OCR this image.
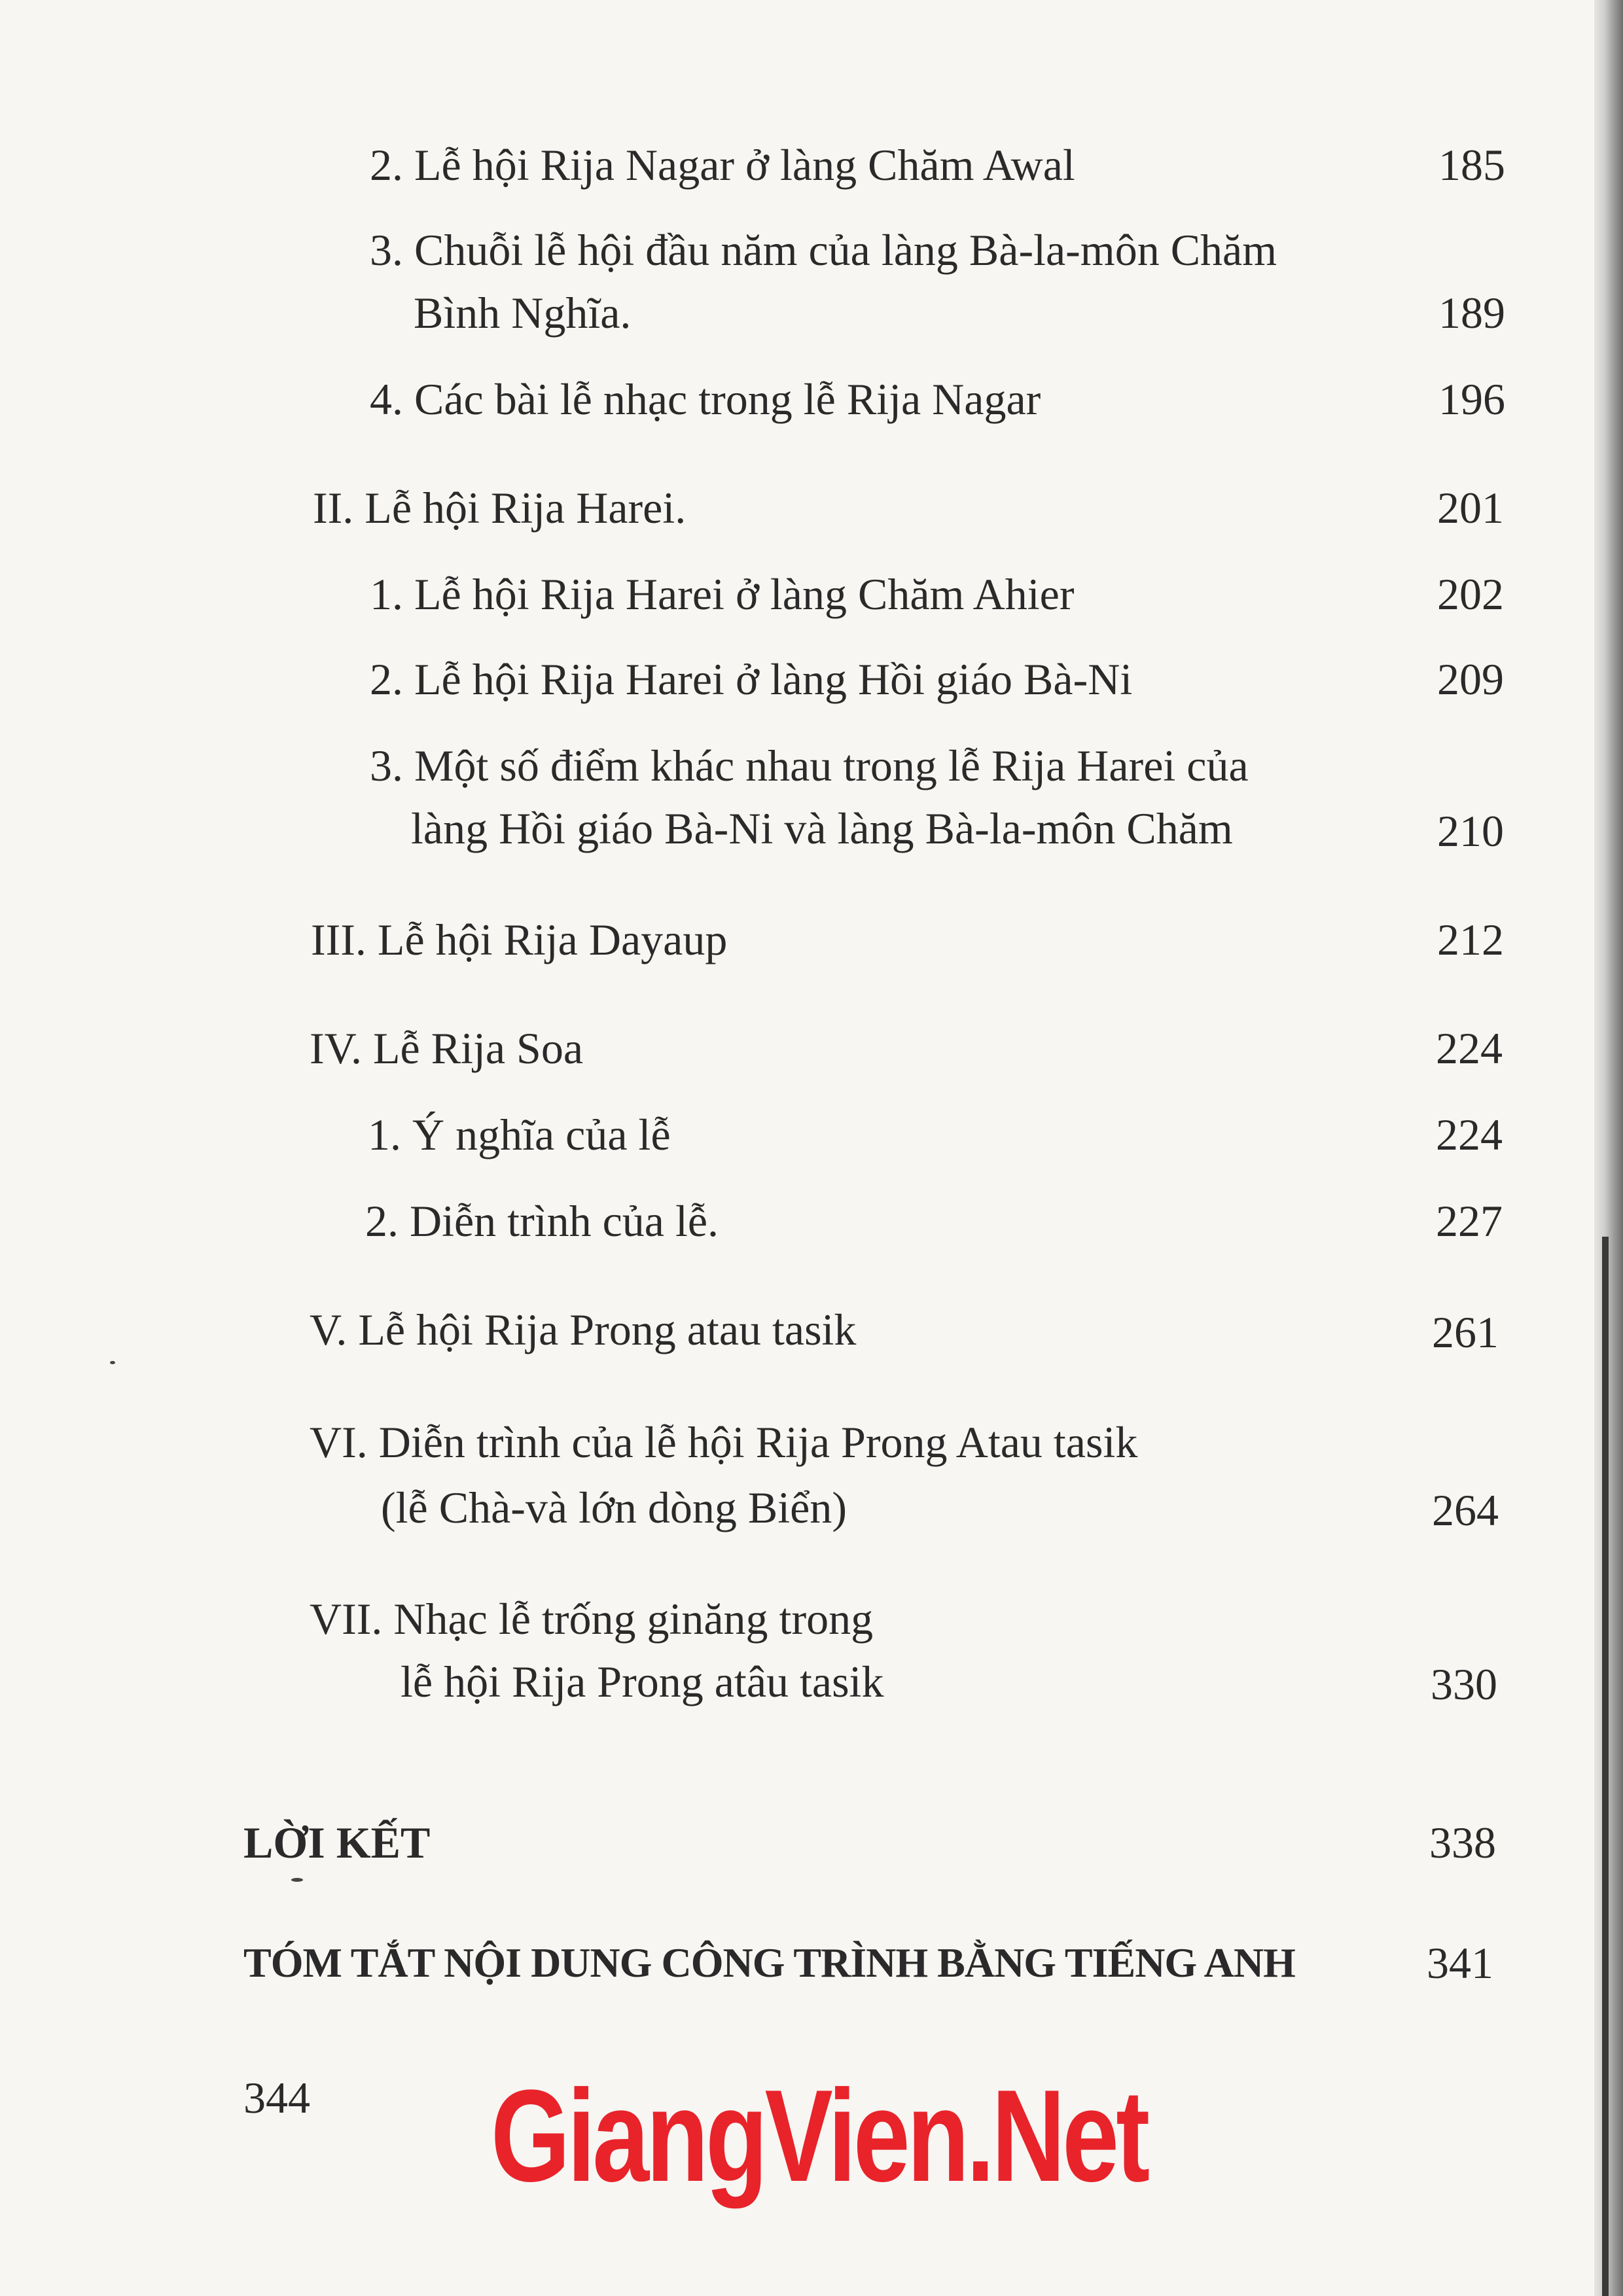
2. Lễ hội Rija Nagar ở làng Chăm Awal	185
3. Chuỗi lễ hội đầu năm của làng Bà-la-môn Chăm
Bình Nghĩa.	189
4. Các bài lễ nhạc trong lễ Rija Nagar	196
II. Lễ hội Rija Harei.	201
1. Lễ hội Rija Harei ở làng Chăm Ahier	202
2. Lễ hội Rija Harei ở làng Hồi giáo Bà-Ni	209
3. Một số điểm khác nhau trong lễ Rija Harei của
làng Hồi giáo Bà-Ni và làng Bà-la-môn Chăm	210
III. Lễ hội Rija Dayaup	212
IV. Lễ Rija Soa	224
1. Ý nghĩa của lễ	224
2. Diễn trình của lễ.	227
V. Lễ hội Rija Prong atau tasik	261
VI. Diễn trình của lễ hội Rija Prong Atau tasik
(lễ Chà-và lớn dòng Biển)	264
VII. Nhạc lễ trống ginăng trong
lễ hội Rija Prong atâu tasik	330
LỜI KẾT	338
TÓM TẮT NỘI DUNG CÔNG TRÌNH BẰNG TIẾNG ANH	341
344 GiangVien.Net
